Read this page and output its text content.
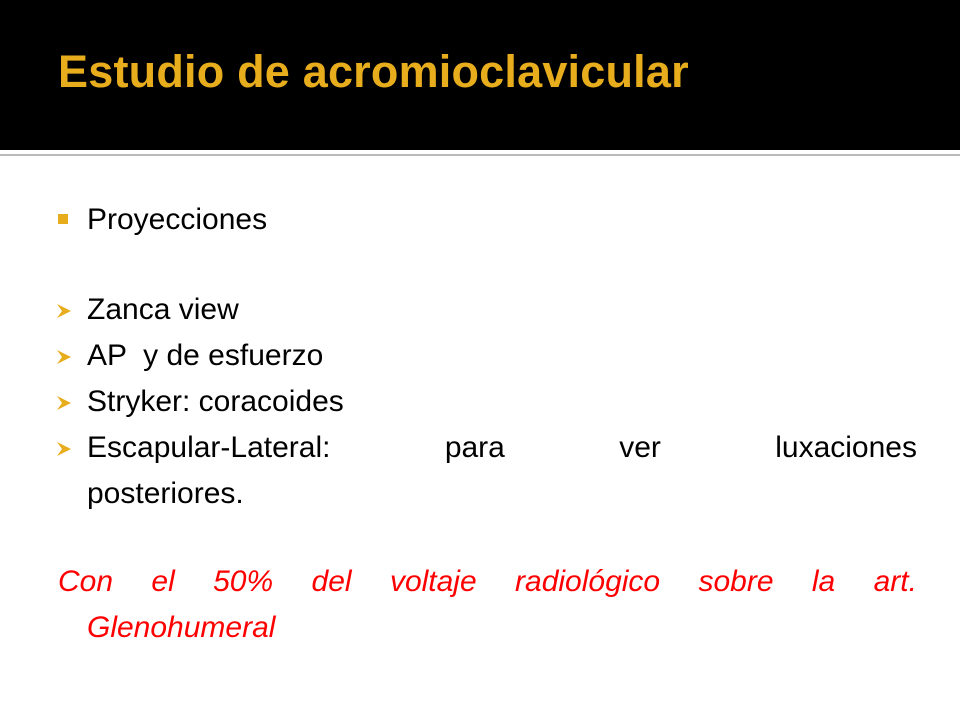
Estudio de acromioclavicular
Proyecciones
Zanca view
AP  y de esfuerzo
Stryker: coracoides
Escapular-Lateral:	para	ver	luxaciones
posteriores.
Con el 50% del voltaje radiológico sobre la art.
Glenohumeral
